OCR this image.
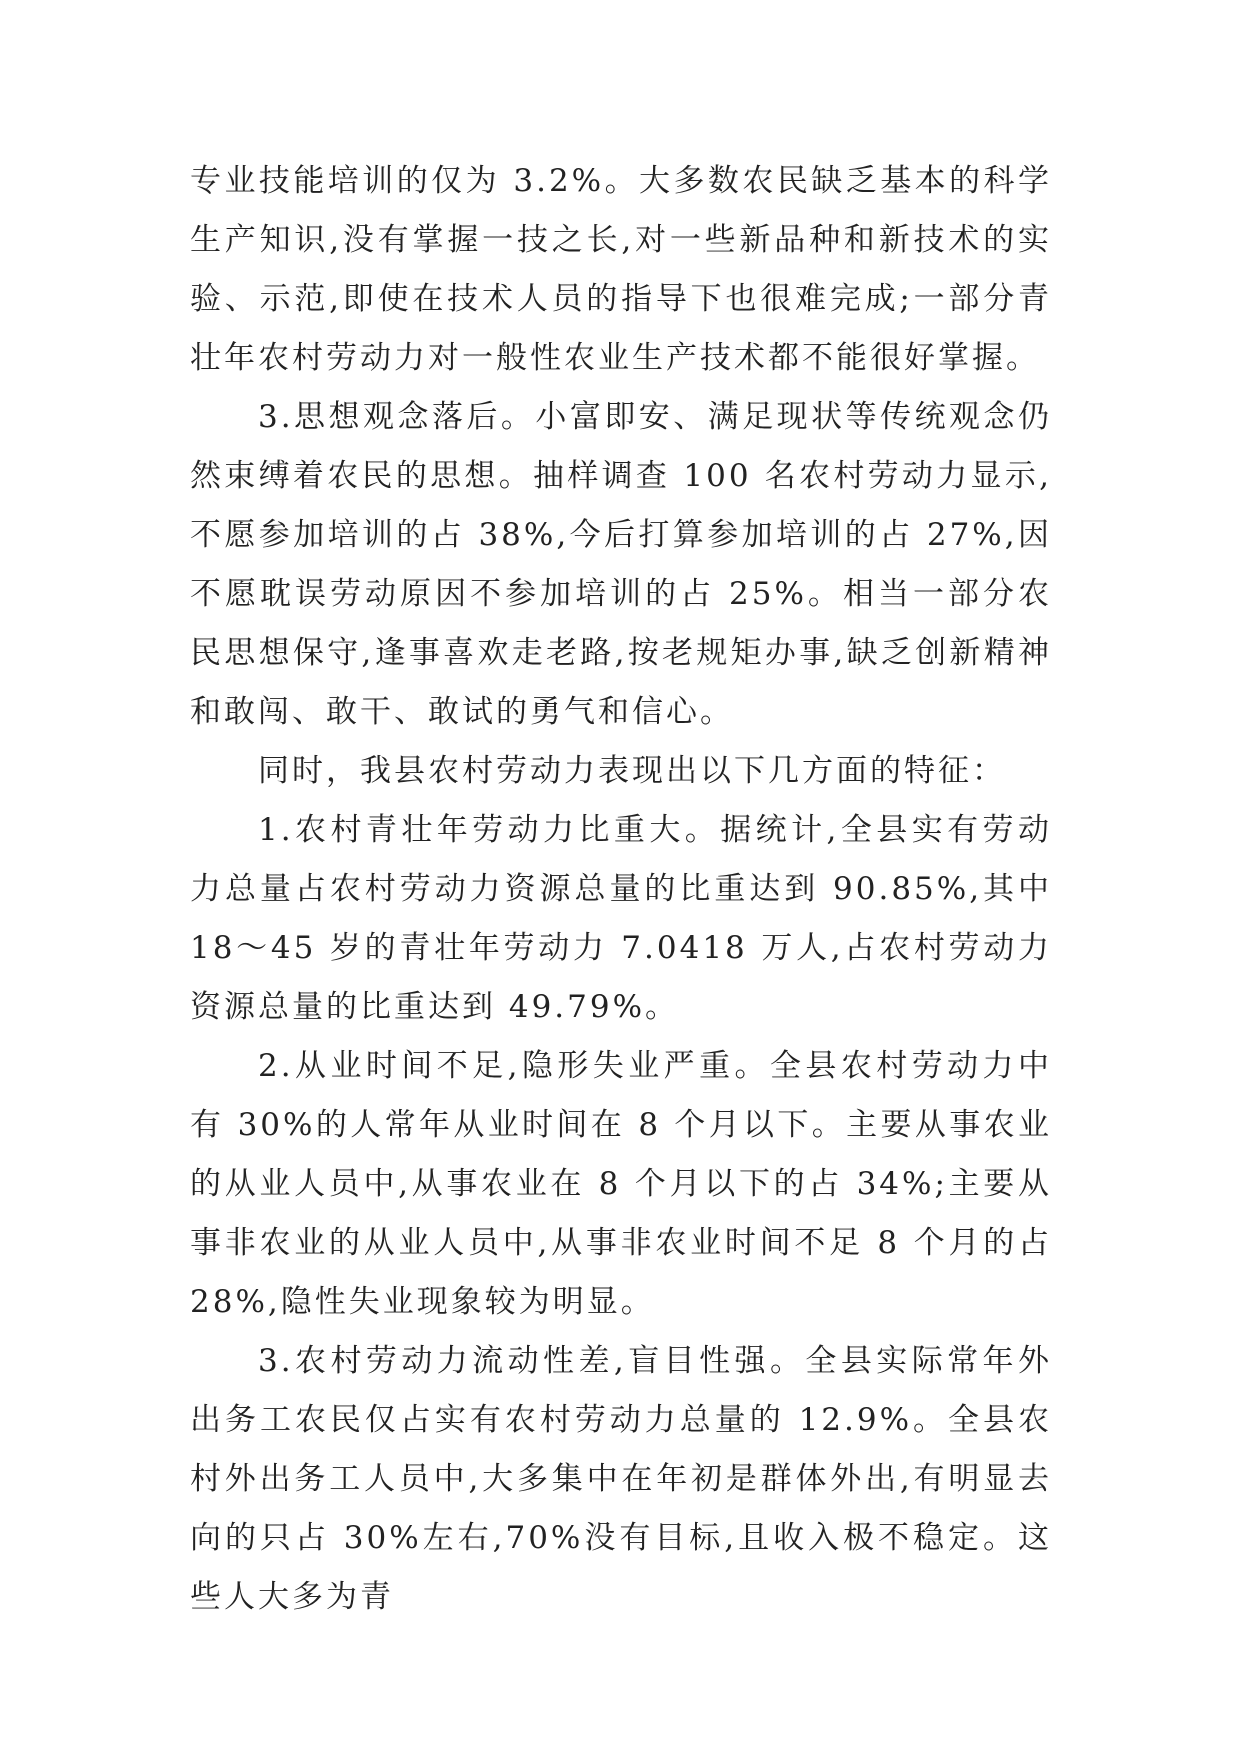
专业技能培训的仅为 3.2%。大多数农民缺乏基本的科学生产知识,没有掌握一技之长,对一些新品种和新技术的实验、示范,即使在技术人员的指导下也很难完成;一部分青壮年农村劳动力对一般性农业生产技术都不能很好掌握。

3.思想观念落后。小富即安、满足现状等传统观念仍然束缚着农民的思想。抽样调查 100 名农村劳动力显示,不愿参加培训的占 38%,今后打算参加培训的占 27%,因不愿耽误劳动原因不参加培训的占 25%。相当一部分农民思想保守,逢事喜欢走老路,按老规矩办事,缺乏创新精神和敢闯、敢干、敢试的勇气和信心。

同时，我县农村劳动力表现出以下几方面的特征：

1.农村青壮年劳动力比重大。据统计,全县实有劳动力总量占农村劳动力资源总量的比重达到 90.85%,其中 18～45 岁的青壮年劳动力 7.0418 万人,占农村劳动力资源总量的比重达到 49.79%。

2.从业时间不足,隐形失业严重。全县农村劳动力中有 30%的人常年从业时间在 8 个月以下。主要从事农业的从业人员中,从事农业在 8 个月以下的占 34%;主要从事非农业的从业人员中,从事非农业时间不足 8 个月的占 28%,隐性失业现象较为明显。

3.农村劳动力流动性差,盲目性强。全县实际常年外出务工农民仅占实有农村劳动力总量的 12.9%。全县农村外出务工人员中,大多集中在年初是群体外出,有明显去向的只占 30%左右,70%没有目标,且收入极不稳定。这些人大多为青
